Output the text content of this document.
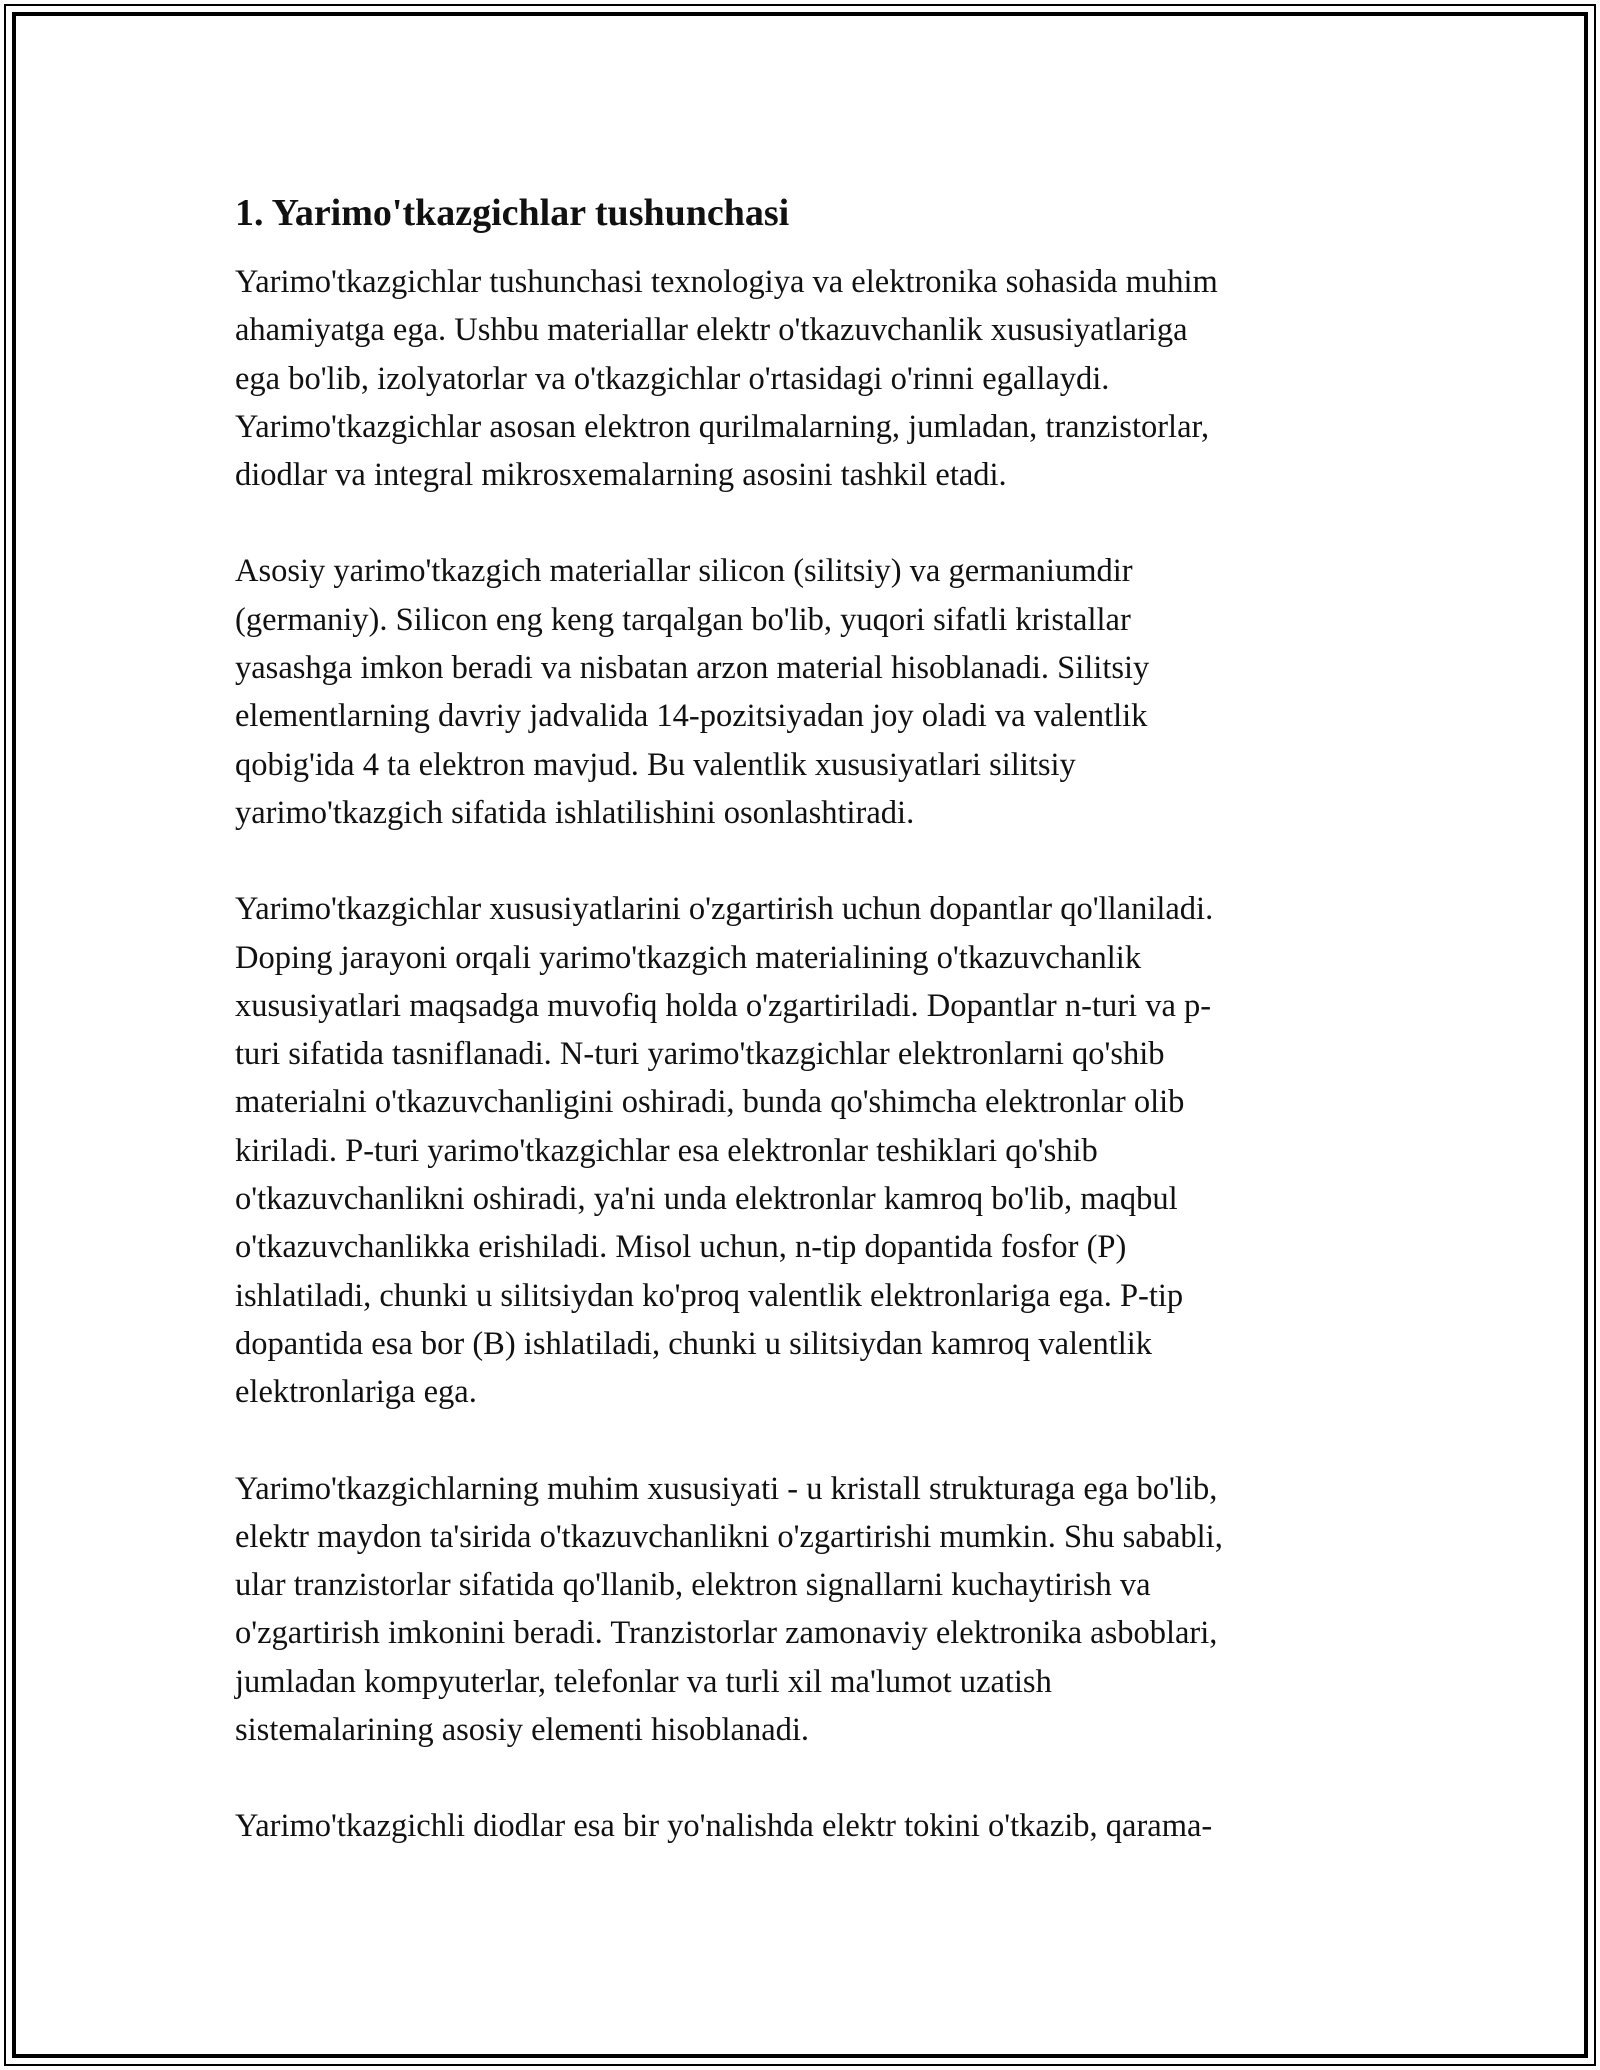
1. Yarimo'tkazgichlar tushunchasi

Yarimo'tkazgichlar tushunchasi texnologiya va elektronika sohasida muhim
ahamiyatga ega. Ushbu materiallar elektr o'tkazuvchanlik xususiyatlariga
ega bo'lib, izolyatorlar va o'tkazgichlar o'rtasidagi o'rinni egallaydi.
Yarimo'tkazgichlar asosan elektron qurilmalarning, jumladan, tranzistorlar,
diodlar va integral mikrosxemalarning asosini tashkil etadi.

Asosiy yarimo'tkazgich materiallar silicon (silitsiy) va germaniumdir
(germaniy). Silicon eng keng tarqalgan bo'lib, yuqori sifatli kristallar
yasashga imkon beradi va nisbatan arzon material hisoblanadi. Silitsiy
elementlarning davriy jadvalida 14-pozitsiyadan joy oladi va valentlik
qobig'ida 4 ta elektron mavjud. Bu valentlik xususiyatlari silitsiy
yarimo'tkazgich sifatida ishlatilishini osonlashtiradi.

Yarimo'tkazgichlar xususiyatlarini o'zgartirish uchun dopantlar qo'llaniladi.
Doping jarayoni orqali yarimo'tkazgich materialining o'tkazuvchanlik
xususiyatlari maqsadga muvofiq holda o'zgartiriladi. Dopantlar n-turi va p-
turi sifatida tasniflanadi. N-turi yarimo'tkazgichlar elektronlarni qo'shib
materialni o'tkazuvchanligini oshiradi, bunda qo'shimcha elektronlar olib
kiriladi. P-turi yarimo'tkazgichlar esa elektronlar teshiklari qo'shib
o'tkazuvchanlikni oshiradi, ya'ni unda elektronlar kamroq bo'lib, maqbul
o'tkazuvchanlikka erishiladi. Misol uchun, n-tip dopantida fosfor (P)
ishlatiladi, chunki u silitsiydan ko'proq valentlik elektronlariga ega. P-tip
dopantida esa bor (B) ishlatiladi, chunki u silitsiydan kamroq valentlik
elektronlariga ega.

Yarimo'tkazgichlarning muhim xususiyati - u kristall strukturaga ega bo'lib,
elektr maydon ta'sirida o'tkazuvchanlikni o'zgartirishi mumkin. Shu sababli,
ular tranzistorlar sifatida qo'llanib, elektron signallarni kuchaytirish va
o'zgartirish imkonini beradi. Tranzistorlar zamonaviy elektronika asboblari,
jumladan kompyuterlar, telefonlar va turli xil ma'lumot uzatish
sistemalarining asosiy elementi hisoblanadi.

Yarimo'tkazgichli diodlar esa bir yo'nalishda elektr tokini o'tkazib, qarama-
